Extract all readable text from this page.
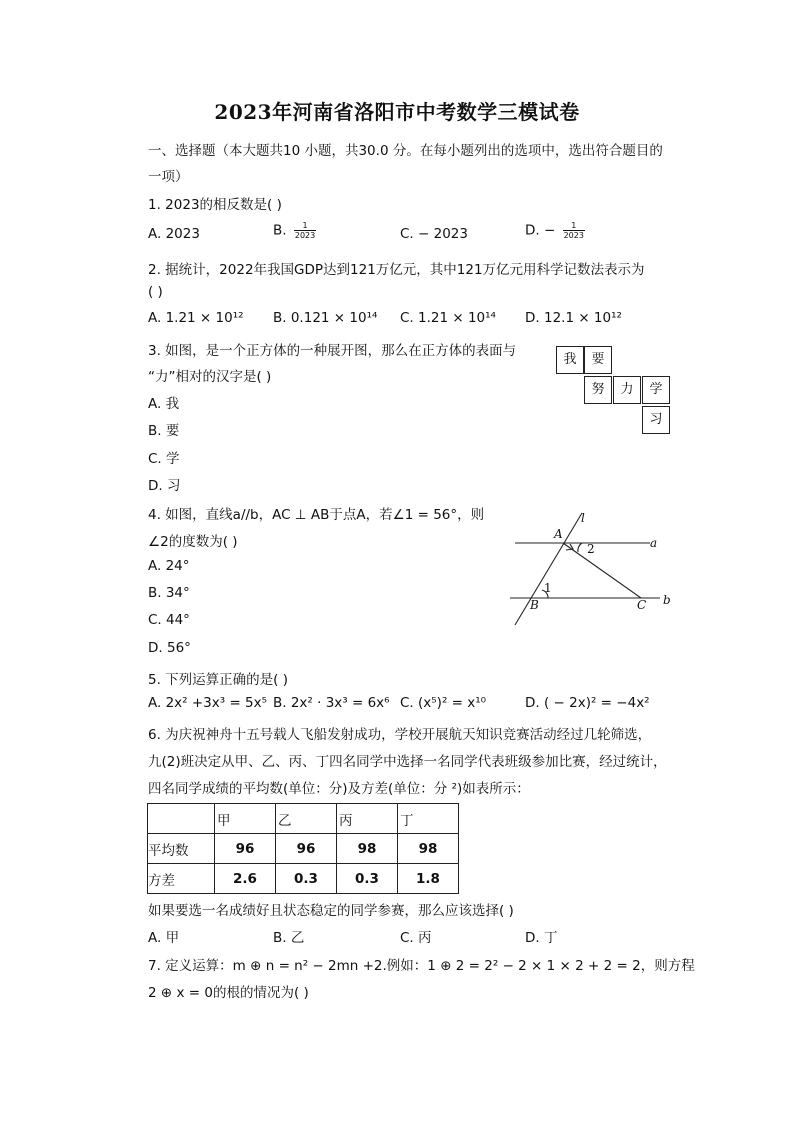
2023年河南省洛阳市中考数学三模试卷
一、选择题（本大题共10 小题，共30.0 分。在每小题列出的选项中，选出符合题目的
一项）
1. 2023的相反数是( )
A. 2023	B. $\frac{1}{2023}$	C. − 2023	D. − $\frac{1}{2023}$
2. 据统计，2022年我国GDP达到121万亿元，其中121万亿元用科学记数法表示为
( )
A. 1.21 × 10¹² B. 0.121 × 10¹⁴ C. 1.21 × 10¹⁴ D. 12.1 × 10¹²
3. 如图，是一个正方体的一种展开图，那么在正方体的表面与
“力”相对的汉字是( )
A. 我
B. 要
C. 学
D. 习
我	要
努	力	学
习
4. 如图，直线a//b，AC ⊥ AB于点A，若∠1 = 56°，则
∠2的度数为( )
A. 24°
B. 34°
C. 44°
D. 56°
l
A
2	a
1
B	C b
5. 下列运算正确的是( )
A. 2x² +3x³ = 5x⁵ B. 2x² · 3x³ = 6x⁶ C. (x⁵)² = x¹⁰	D. ( − 2x)² = −4x²
6. 为庆祝神舟十五号载人飞船发射成功，学校开展航天知识竞赛活动经过几轮筛选，
九(2)班决定从甲、乙、丙、丁四名同学中选择一名同学代表班级参加比赛，经过统计，
四名同学成绩的平均数(单位：分)及方差(单位：分 ²)如表所示：
	甲	乙	丙	丁
平均数	96	96	98	98
方差	2.6	0.3	0.3	1.8
如果要选一名成绩好且状态稳定的同学参赛，那么应该选择( )
A. 甲	B. 乙	C. 丙	D. 丁
7. 定义运算：m ⊕ n = n² − 2mn +2.例如：1 ⊕ 2 = 2² − 2 × 1 × 2 + 2 = 2，则方程
2 ⊕ x = 0的根的情况为( )
